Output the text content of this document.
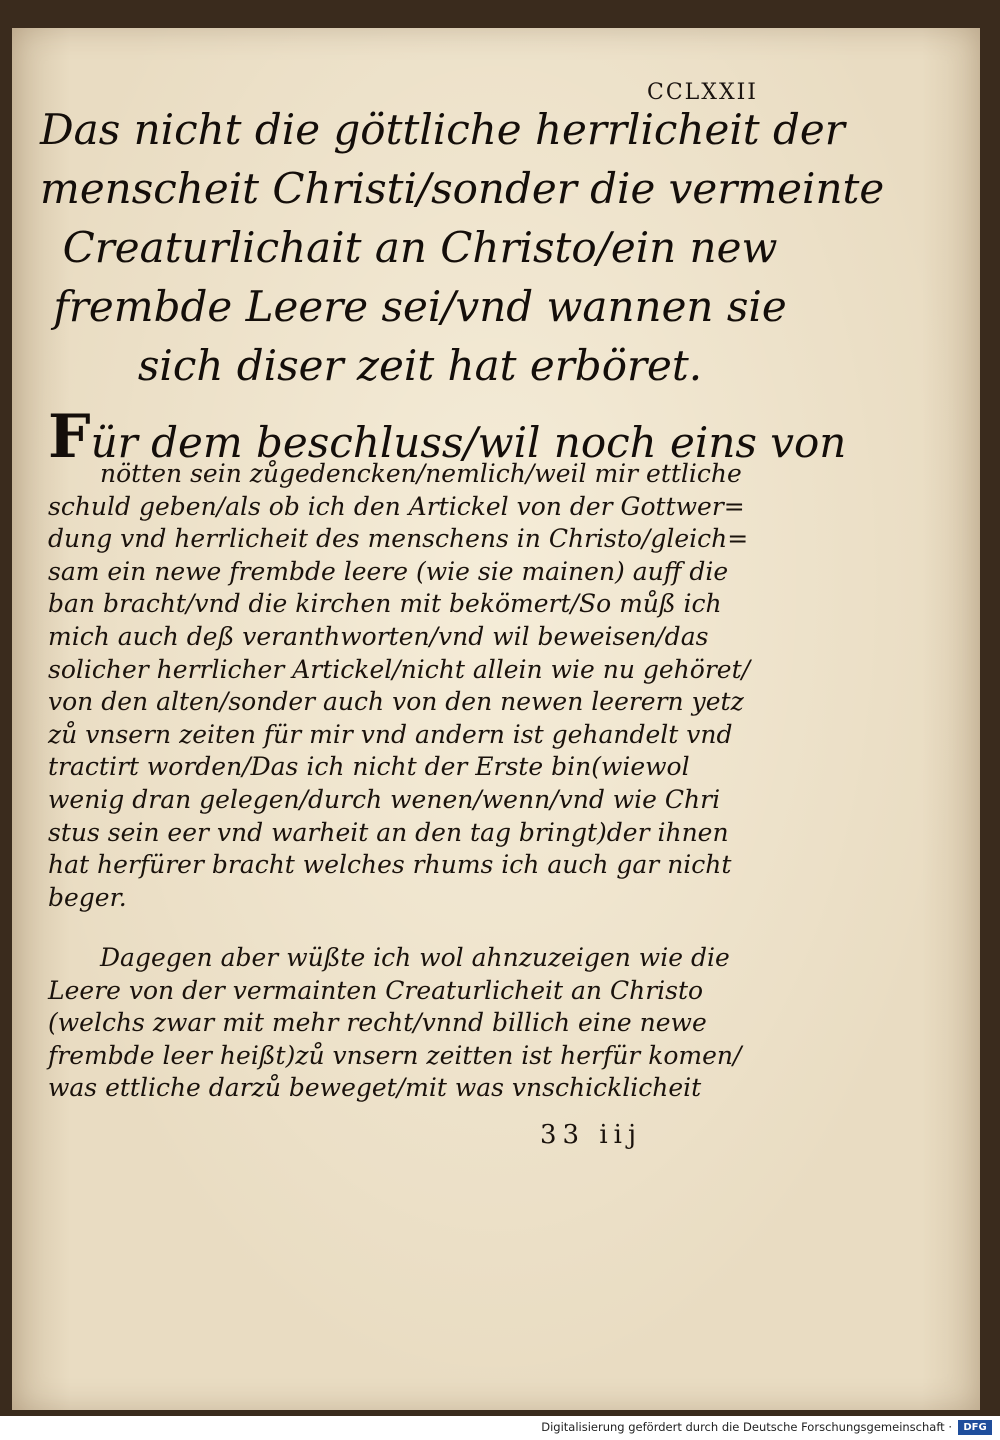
CCLXXII
Das nicht die göttliche herrlicheit der
menscheit Christi/sonder die vermeinte
Creaturlichait an Christo/ein new
frembde Leere sei/vnd wannen sie
sich diser zeit hat erböret.
Für dem beschluss/wil noch eins von
nötten sein zůgedencken/nemlich/weil mir ettliche
schuld geben/als ob ich den Artickel von der Gottwer=
dung vnd herrlicheit des menschens in Christo/gleich=
sam ein newe frembde leere (wie sie mainen) auff die
ban bracht/vnd die kirchen mit bekömert/So můß ich
mich auch deß veranthworten/vnd wil beweisen/das
solicher herrlicher Artickel/nicht allein wie nu gehöret/
von den alten/sonder auch von den newen leerern yetz
zů vnsern zeiten für mir vnd andern ist gehandelt vnd
tractirt worden/Das ich nicht der Erste bin(wiewol
wenig dran gelegen/durch wenen/wenn/vnd wie Chri
stus sein eer vnd warheit an den tag bringt)der ihnen
hat herfürer bracht welches rhums ich auch gar nicht
beger.
Dagegen aber wüßte ich wol ahnzuzeigen wie die
Leere von der vermainten Creaturlicheit an Christo
(welchs zwar mit mehr recht/vnnd billich eine newe
frembde leer heißt)zů vnsern zeitten ist herfür komen/
was ettliche darzů beweget/mit was vnschicklicheit
33 iij
Digitalisierung gefördert durch die Deutsche Forschungsgemeinschaft ·	DFG
